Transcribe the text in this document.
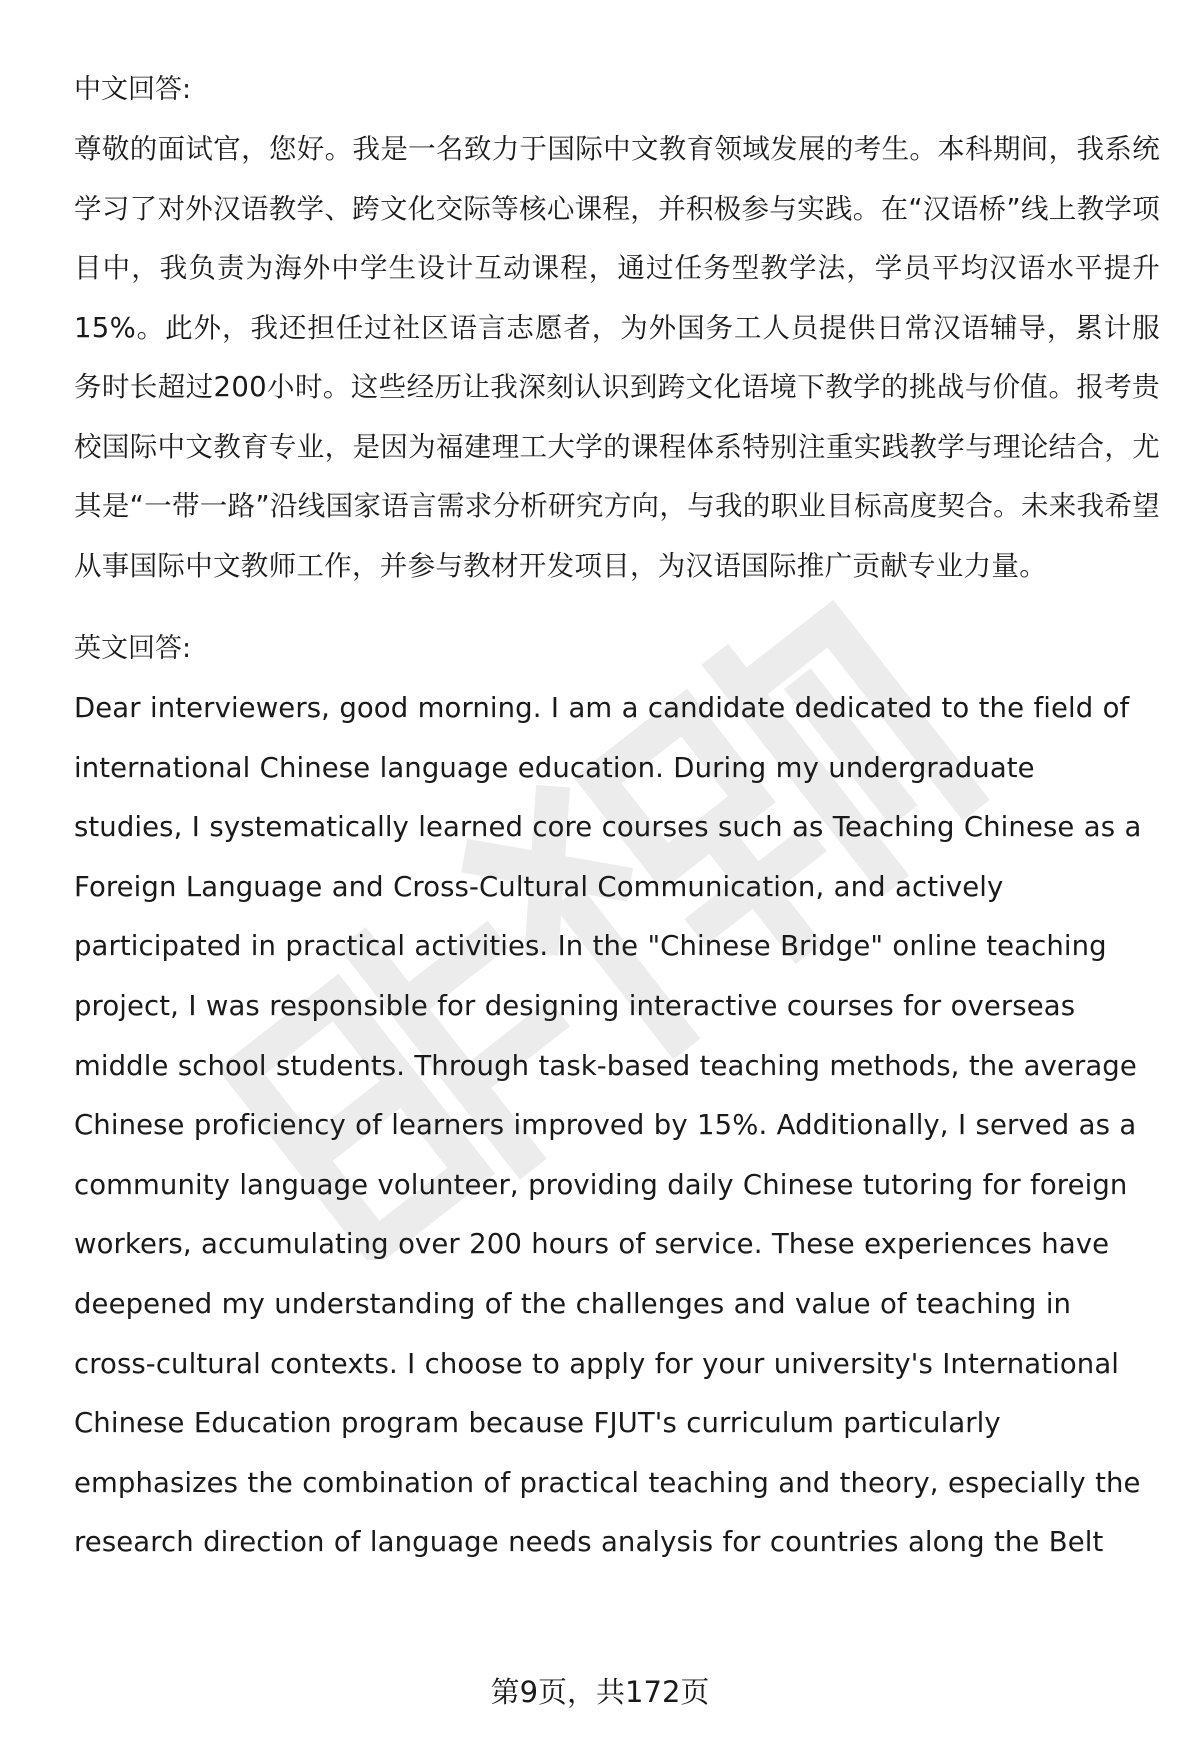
中文回答:

尊敬的面试官，您好。我是一名致力于国际中文教育领域发展的考生。本科期间，我系统学习了对外汉语教学、跨文化交际等核心课程，并积极参与实践。在“汉语桥”线上教学项目中，我负责为海外中学生设计互动课程，通过任务型教学法，学员平均汉语水平提升15%。此外，我还担任过社区语言志愿者，为外国务工人员提供日常汉语辅导，累计服务时长超过200小时。这些经历让我深刻认识到跨文化语境下教学的挑战与价值。报考贵校国际中文教育专业，是因为福建理工大学的课程体系特别注重实践教学与理论结合，尤其是“一带一路”沿线国家语言需求分析研究方向，与我的职业目标高度契合。未来我希望从事国际中文教师工作，并参与教材开发项目，为汉语国际推广贡献专业力量。

英文回答:

Dear interviewers, good morning. I am a candidate dedicated to the field of
international Chinese language education. During my undergraduate
studies, I systematically learned core courses such as Teaching Chinese as a
Foreign Language and Cross-Cultural Communication, and actively
participated in practical activities. In the "Chinese Bridge" online teaching
project, I was responsible for designing interactive courses for overseas
middle school students. Through task-based teaching methods, the average
Chinese proficiency of learners improved by 15%. Additionally, I served as a
community language volunteer, providing daily Chinese tutoring for foreign
workers, accumulating over 200 hours of service. These experiences have
deepened my understanding of the challenges and value of teaching in
cross-cultural contexts. I choose to apply for your university's International
Chinese Education program because FJUT's curriculum particularly
emphasizes the combination of practical teaching and theory, especially the
research direction of language needs analysis for countries along the Belt
第9页，共172页
